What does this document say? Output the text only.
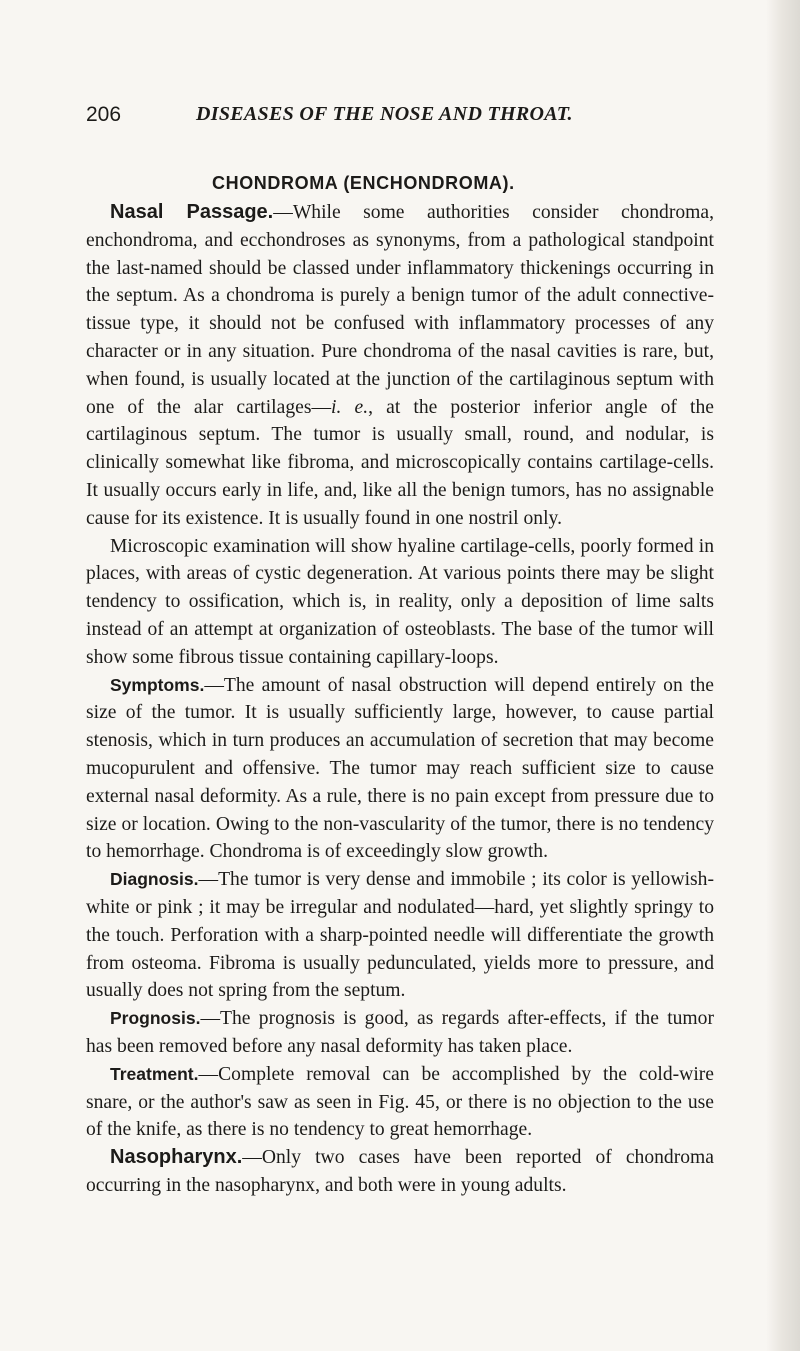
206	DISEASES OF THE NOSE AND THROAT.
CHONDROMA (ENCHONDROMA).

Nasal Passage.—While some authorities consider chondroma, enchondroma, and ecchondroses as synonyms, from a pathological standpoint the last-named should be classed under inflammatory thickenings occurring in the septum. As a chondroma is purely a benign tumor of the adult connective-tissue type, it should not be confused with inflammatory processes of any character or in any situation. Pure chondroma of the nasal cavities is rare, but, when found, is usually located at the junction of the cartilaginous septum with one of the alar cartilages—i. e., at the posterior inferior angle of the cartilaginous septum. The tumor is usually small, round, and nodular, is clinically somewhat like fibroma, and microscopically contains cartilage-cells. It usually occurs early in life, and, like all the benign tumors, has no assignable cause for its existence. It is usually found in one nostril only.

Microscopic examination will show hyaline cartilage-cells, poorly formed in places, with areas of cystic degeneration. At various points there may be slight tendency to ossification, which is, in reality, only a deposition of lime salts instead of an attempt at organization of osteoblasts. The base of the tumor will show some fibrous tissue containing capillary-loops.

Symptoms.—The amount of nasal obstruction will depend entirely on the size of the tumor. It is usually sufficiently large, however, to cause partial stenosis, which in turn produces an accumulation of secretion that may become mucopurulent and offensive. The tumor may reach sufficient size to cause external nasal deformity. As a rule, there is no pain except from pressure due to size or location. Owing to the non-vascularity of the tumor, there is no tendency to hemorrhage. Chondroma is of exceedingly slow growth.

Diagnosis.—The tumor is very dense and immobile ; its color is yellowish-white or pink ; it may be irregular and nodulated—hard, yet slightly springy to the touch. Perforation with a sharp-pointed needle will differentiate the growth from osteoma. Fibroma is usually pedunculated, yields more to pressure, and usually does not spring from the septum.

Prognosis.—The prognosis is good, as regards after-effects, if the tumor has been removed before any nasal deformity has taken place.

Treatment.—Complete removal can be accomplished by the cold-wire snare, or the author's saw as seen in Fig. 45, or there is no objection to the use of the knife, as there is no tendency to great hemorrhage.

Nasopharynx.—Only two cases have been reported of chondroma occurring in the nasopharynx, and both were in young adults.
